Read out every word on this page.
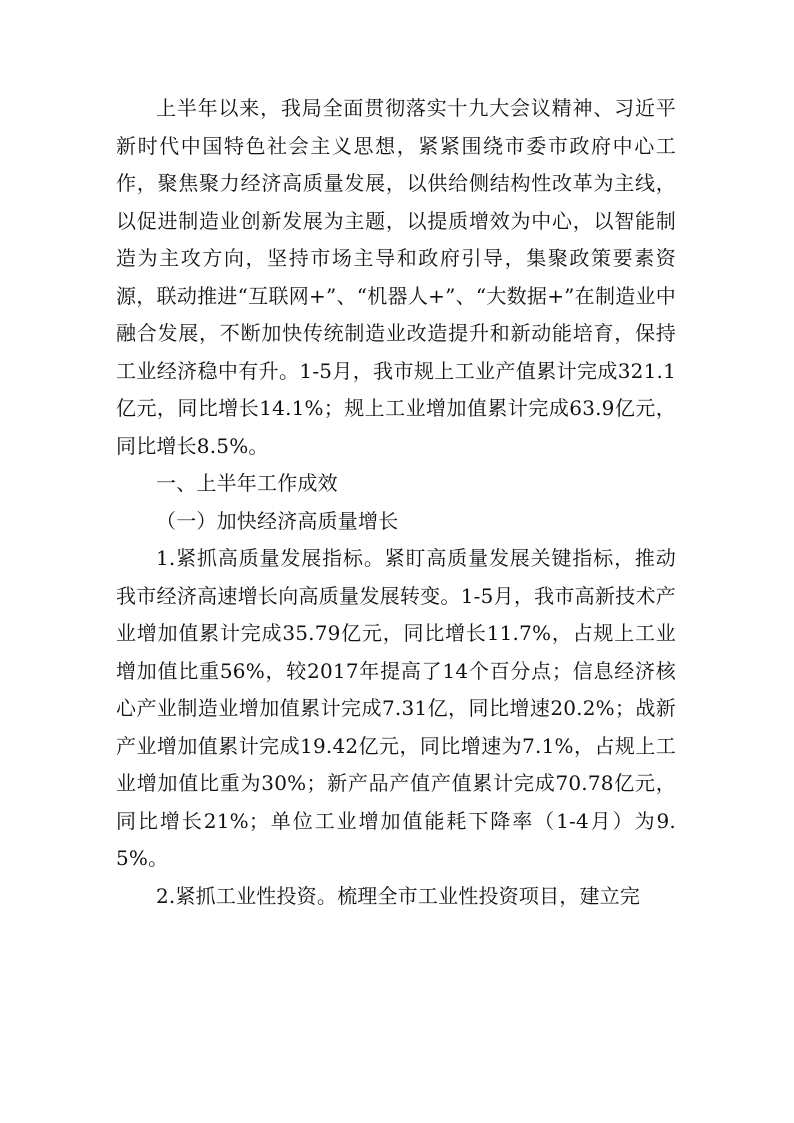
上半年以来，我局全面贯彻落实十九大会议精神、习近平新时代中国特色社会主义思想，紧紧围绕市委市政府中心工作，聚焦聚力经济高质量发展，以供给侧结构性改革为主线，以促进制造业创新发展为主题，以提质增效为中心，以智能制造为主攻方向，坚持市场主导和政府引导，集聚政策要素资源，联动推进“互联网+”、“机器人+”、“大数据+”在制造业中融合发展，不断加快传统制造业改造提升和新动能培育，保持工业经济稳中有升。1-5月，我市规上工业产值累计完成321.1亿元，同比增长14.1%；规上工业增加值累计完成63.9亿元，同比增长8.5%。

一、上半年工作成效

（一）加快经济高质量增长

1.紧抓高质量发展指标。紧盯高质量发展关键指标，推动我市经济高速增长向高质量发展转变。1-5月，我市高新技术产业增加值累计完成35.79亿元，同比增长11.7%，占规上工业增加值比重56%，较2017年提高了14个百分点；信息经济核心产业制造业增加值累计完成7.31亿，同比增速20.2%；战新产业增加值累计完成19.42亿元，同比增速为7.1%，占规上工业增加值比重为30%；新产品产值产值累计完成70.78亿元，同比增长21%；单位工业增加值能耗下降率（1-4月）为9.5%。

2.紧抓工业性投资。梳理全市工业性投资项目，建立完
